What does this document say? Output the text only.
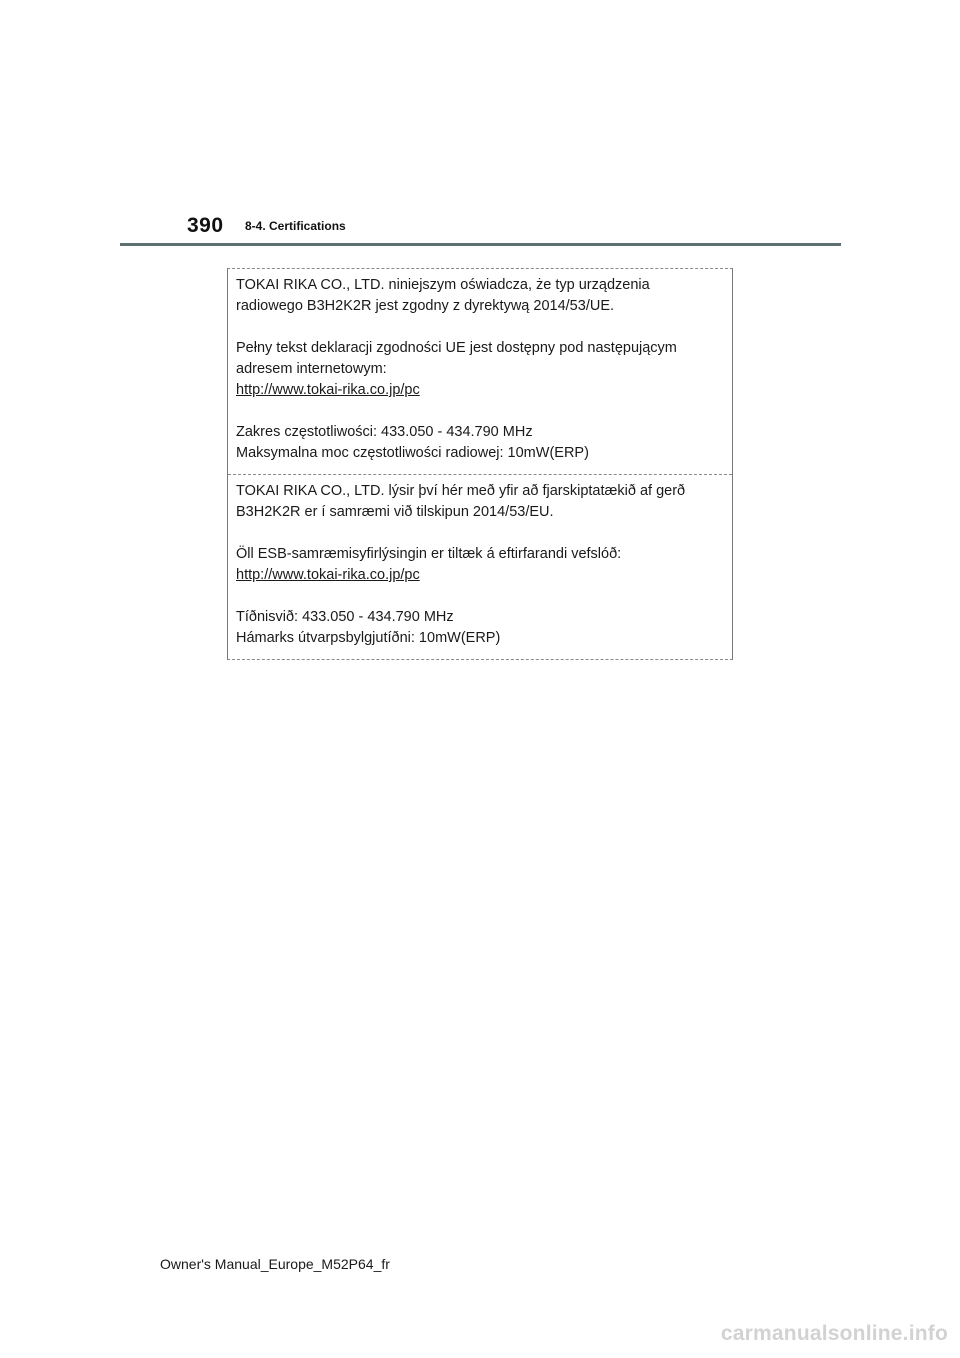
390 8-4. Certifications

TOKAI RIKA CO., LTD. niniejszym oświadcza, że typ urządzenia

radiowego B3H2K2R jest zgodny z dyrektywą 2014/53/UE.

Pełny tekst deklaracji zgodności UE jest dostępny pod następującym

adresem internetowym:

http://www.tokai-rika.co.jp/pc

Zakres częstotliwości: 433.050 - 434.790 MHz

Maksymalna moc częstotliwości radiowej: 10mW(ERP)

TOKAI RIKA CO., LTD. lýsir því hér með yfir að fjarskiptatækið af gerð

B3H2K2R er í samræmi við tilskipun 2014/53/EU.

Öll ESB-samræmisyfirlýsingin er tiltæk á eftirfarandi vefslóð:

http://www.tokai-rika.co.jp/pc

Tíðnisvið: 433.050 - 434.790 MHz

Hámarks útvarpsbylgjutíðni: 10mW(ERP)

Owner's Manual_Europe_M52P64_fr
carmanualsonline.info
